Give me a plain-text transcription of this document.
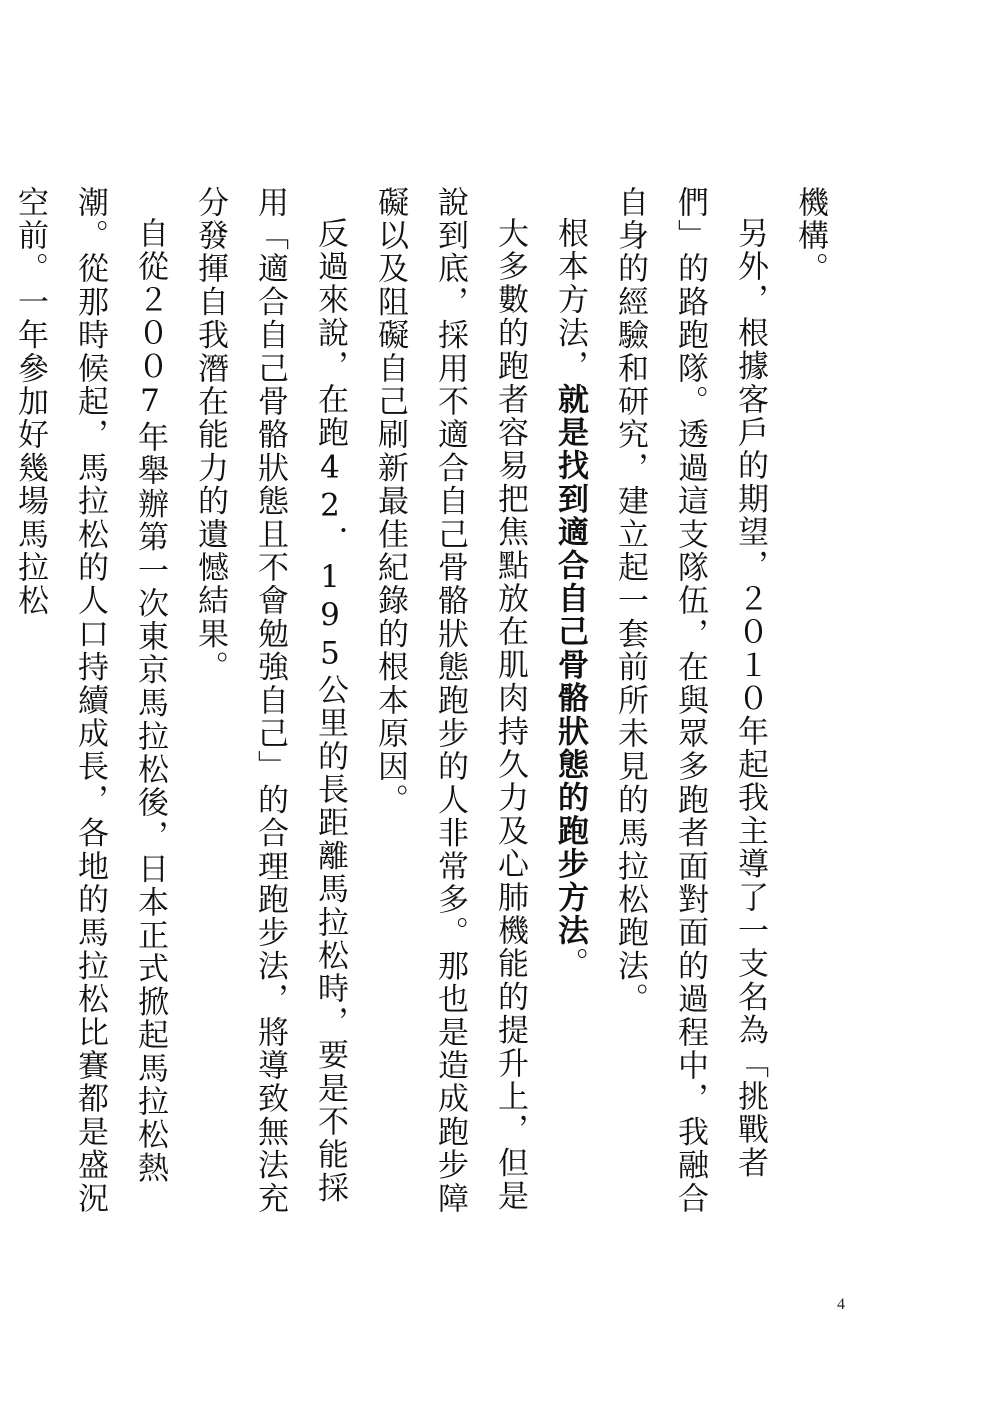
機構。

另外，根據客戶的期望，２０１０年起我主導了一支名為「挑戰者們」的路跑隊。透過這支隊伍，在與眾多跑者面對面的過程中，我融合自身的經驗和研究，建立起一套前所未見的馬拉松跑法。

根本方法，就是找到適合自己骨骼狀態的跑步方法。

大多數的跑者容易把焦點放在肌肉持久力及心肺機能的提升上，但是說到底，採用不適合自己骨骼狀態跑步的人非常多。那也是造成跑步障礙以及阻礙自己刷新最佳紀錄的根本原因。

反過來說，在跑42．195公里的長距離馬拉松時，要是不能採用「適合自己骨骼狀態且不會勉強自己」的合理跑步法，將導致無法充分發揮自我潛在能力的遺憾結果。

自從２００7年舉辦第一次東京馬拉松後，日本正式掀起馬拉松熱潮。從那時候起，馬拉松的人口持續成長，各地的馬拉松比賽都是盛況空前。一年參加好幾場馬拉松

4
